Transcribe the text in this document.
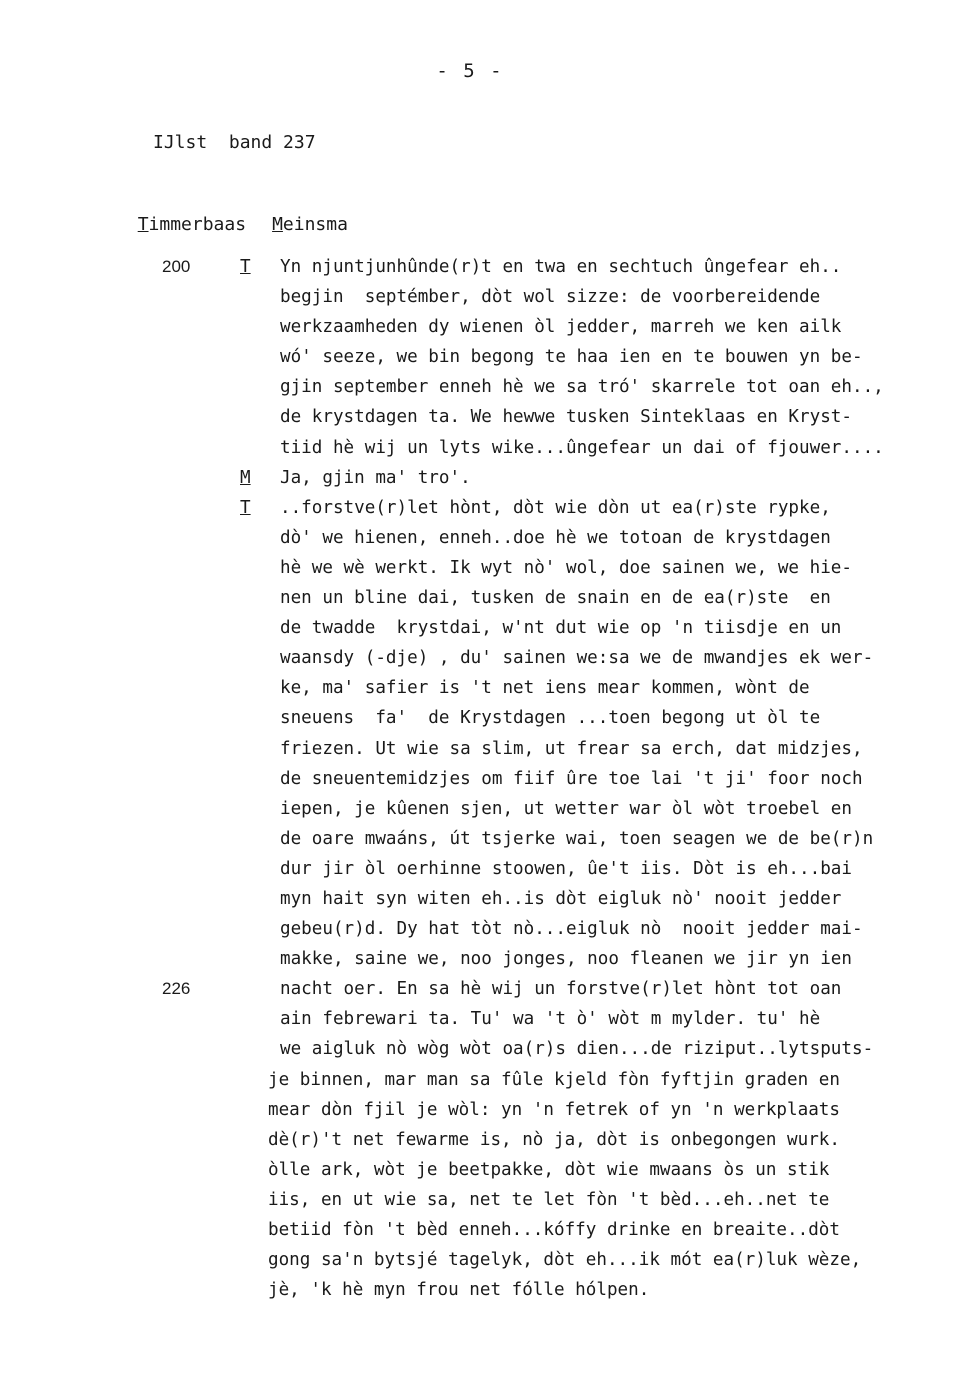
- 5 -
IJlst  band 237

Timmerbaas Meinsma

200	T Yn njuntjunhûnde(r)t en twa en sechtuch ûngefear eh..
begjin  septémber, dòt wol sizze: de voorbereidende
werkzaamheden dy wienen òl jedder, marreh we ken ailk
wó' seeze, we bin begong te haa ien en te bouwen yn be-
gjin september enneh hè we sa tró' skarrele tot oan eh..,
de krystdagen ta. We hewwe tusken Sinteklaas en Kryst-
tiid hè wij un lyts wike...ûngefear un dai of fjouwer....
M Ja, gjin ma' tro'.
T ..forstve(r)let hònt, dòt wie dòn ut ea(r)ste rypke,
dò' we hienen, enneh..doe hè we totoan de krystdagen
hè we wè werkt. Ik wyt nò' wol, doe sainen we, we hie-
nen un bline dai, tusken de snain en de ea(r)ste  en
de twadde  krystdai, w'nt dut wie op 'n tiisdje en un
waansdy (-dje) , du' sainen we:sa we de mwandjes ek wer-
ke, ma' safier is 't net iens mear kommen, wònt de
sneuens  fa'  de Krystdagen ...toen begong ut òl te
friezen. Ut wie sa slim, ut frear sa erch, dat midzjes,
de sneuentemidzjes om fiif ûre toe lai 't ji' foor noch
iepen, je kûenen sjen, ut wetter war òl wòt troebel en
de oare mwaáns, út tsjerke wai, toen seagen we de be(r)n
dur jir òl oerhinne stoowen, ûe't iis. Dòt is eh...bai
myn hait syn witen eh..is dòt eigluk nò' nooit jedder
gebeu(r)d. Dy hat tòt nò...eigluk nò  nooit jedder mai-
makke, saine we, noo jonges, noo fleanen we jir yn ien
226	nacht oer. En sa hè wij un forstve(r)let hònt tot oan
ain febrewari ta. Tu' wa 't ò' wòt m mylder. tu' hè
we aigluk nò wòg wòt oa(r)s dien...de riziput..lytsputs-
je binnen, mar man sa fûle kjeld fòn fyftjin graden en
mear dòn fjil je wòl: yn 'n fetrek of yn 'n werkplaats
dè(r)'t net fewarme is, nò ja, dòt is onbegongen wurk.
òlle ark, wòt je beetpakke, dòt wie mwaans òs un stik
iis, en ut wie sa, net te let fòn 't bèd...eh..net te
betiid fòn 't bèd enneh...kóffy drinke en breaite..dòt
gong sa'n bytsjé tagelyk, dòt eh...ik mót ea(r)luk wèze,
jè, 'k hè myn frou net fólle hólpen.
